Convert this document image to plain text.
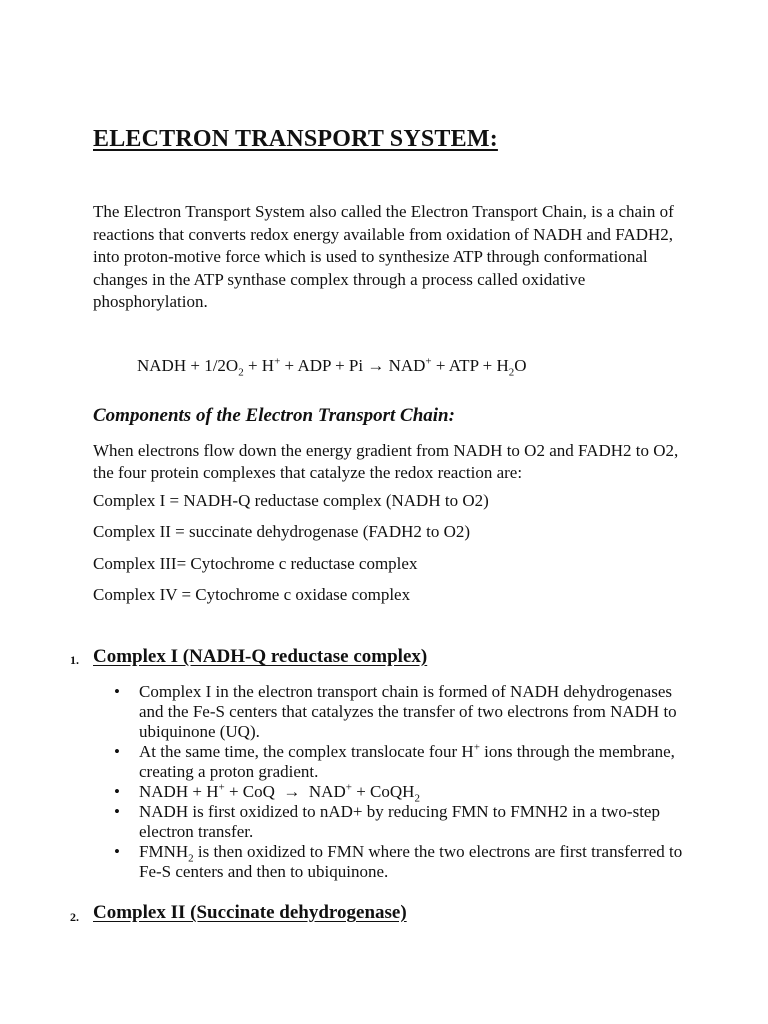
ELECTRON TRANSPORT SYSTEM:

The Electron Transport System also called the Electron Transport Chain, is a chain of reactions that converts redox energy available from oxidation of NADH and FADH2, into proton-motive force which is used to synthesize ATP through conformational changes in the ATP synthase complex through a process called oxidative phosphorylation.

NADH + $1/2O_2 + H^+$ + ADP + Pi → NAD+ + ATP + $H_2O$

Components of the Electron Transport Chain:

When electrons flow down the energy gradient from NADH to O2 and FADH2 to O2, the four protein complexes that catalyze the redox reaction are:

Complex I = NADH-Q reductase complex (NADH to O2)

Complex II = succinate dehydrogenase (FADH2 to O2)

Complex III= Cytochrome c reductase complex

Complex IV = Cytochrome c oxidase complex

1. Complex I (NADH-Q reductase complex)
• Complex I in the electron transport chain is formed of NADH dehydrogenases and the Fe-S centers that catalyzes the transfer of two electrons from NADH to ubiquinone (UQ).
• At the same time, the complex translocate four H+ ions through the membrane, creating a proton gradient.
• NADH + H+ + CoQ  →  NAD+ + CoQH$_2$
• NADH is first oxidized to nAD+ by reducing FMN to FMNH2 in a two-step electron transfer.
• $FMNH_2$ is then oxidized to FMN where the two electrons are first transferred to Fe-S centers and then to ubiquinone.
2. Complex II (Succinate dehydrogenase)
